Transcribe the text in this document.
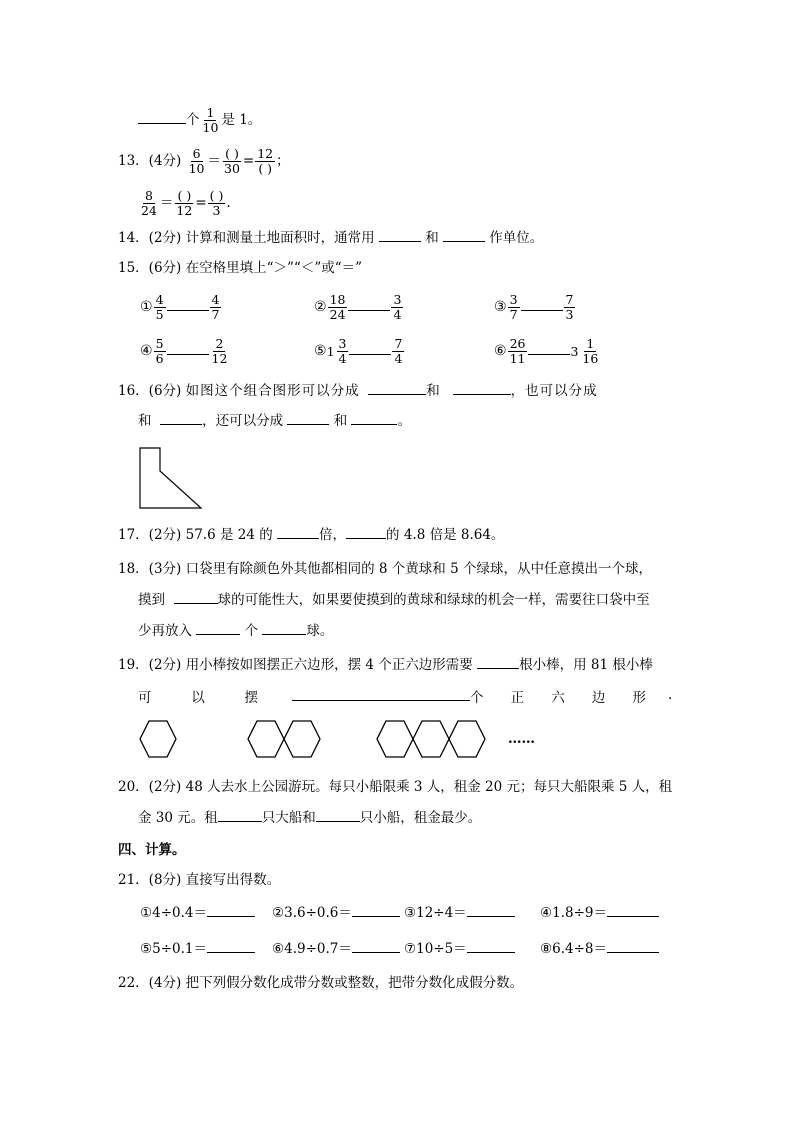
个 $\frac{1}{10}$ 是 1。
13．(4分) $\frac{6}{10} = \frac{( )}{30} = \frac{12}{( )}$ ；
$\frac{8}{24} = \frac{( )}{12} = \frac{( )}{3}$ .
14．(2分) 计算和测量土地面积时，通常用	和	作单位。
15．(6分) 在空格里填上“＞”“＜”或“＝”
① $\frac{4}{5}$	$\frac{4}{7}$	② $\frac{18}{24}$	$\frac{3}{4}$	③ $\frac{3}{7}$	$\frac{7}{3}$
④ $\frac{5}{6}$	$\frac{2}{12}$	⑤ $1 \frac{3}{4}$	$\frac{7}{4}$	⑥ $\frac{26}{11}$	$3 \frac{1}{16}$
16．(6分) 如图这个组合图形可以分成	和	，也可以分成
和	，还可以分成	和	。
17．(2分) 57.6 是 24 的	倍，	的 4.8 倍是 8.64。
18．(3分) 口袋里有除颜色外其他都相同的 8 个黄球和 5 个绿球，从中任意摸出一个球，
摸到	球的可能性大，如果要使摸到的黄球和绿球的机会一样，需要往口袋中至
少再放入	个	球。
19．(2分) 用小棒按如图摆正六边形，摆 4 个正六边形需要	根小棒，用 81 根小棒
可	以	摆	个 正 六 边 形 .
……
20．(2分) 48 人去水上公园游玩。每只小船限乘 3 人，租金 20 元；每只大船限乘 5 人，租
金 30 元。租	只大船和	只小船，租金最少。
四、计算。
21．(8分) 直接写出得数。
①4÷0.4＝	②3.6÷0.6＝	③12÷4＝	④1.8÷9＝
⑤5÷0.1＝	⑥4.9÷0.7＝	⑦10÷5＝	⑧6.4÷8＝
22．(4分) 把下列假分数化成带分数或整数，把带分数化成假分数。
